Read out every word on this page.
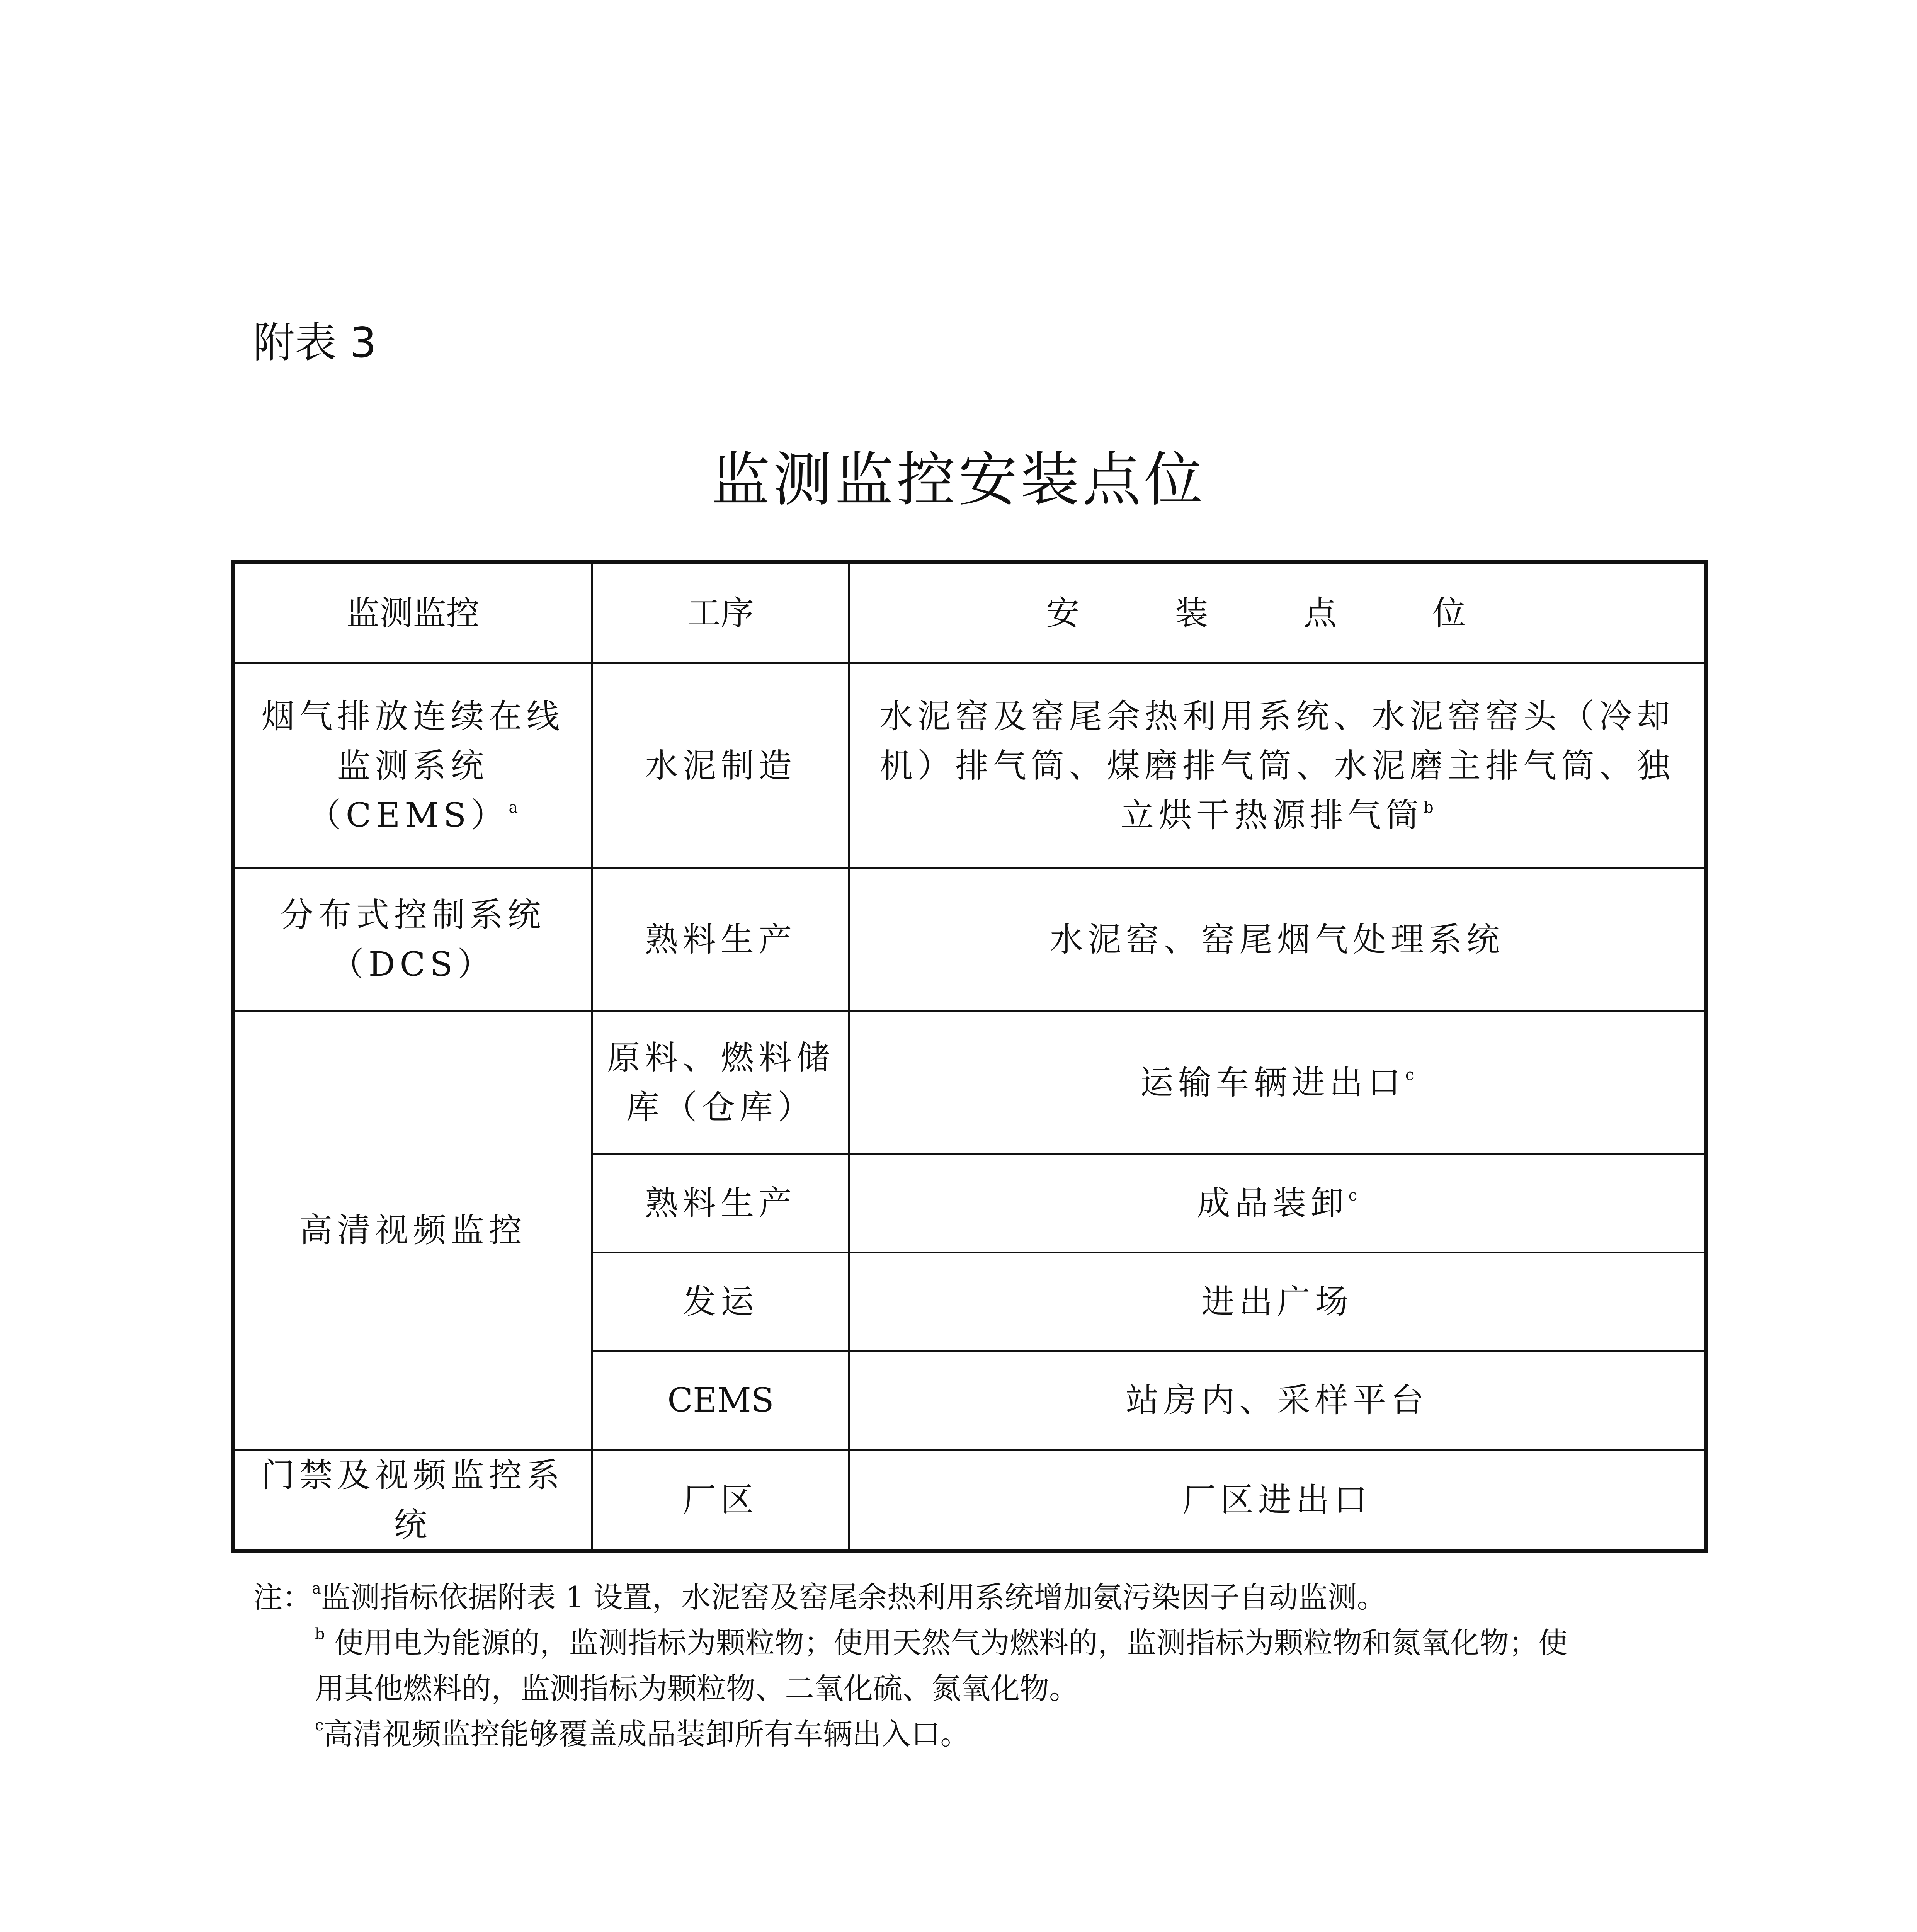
附表 3
监测监控安装点位
监测监控	工序	安 装 点 位
烟气排放连续在线监测系统（CEMS）$^a$	水泥制造	水泥窑及窑尾余热利用系统、水泥窑窑头（冷却机）排气筒、煤磨排气筒、水泥磨主排气筒、独立烘干热源排气筒$^b$
分布式控制系统（DCS）	熟料生产	水泥窑、窑尾烟气处理系统
高清视频监控	原料、燃料储库（仓库）	运输车辆进出口$^c$
	熟料生产	成品装卸$^c$
	发运	进出广场
	CEMS	站房内、采样平台
门禁及视频监控系统	厂区	厂区进出口
注：$^a$监测指标依据附表 1 设置，水泥窑及窑尾余热利用系统增加氨污染因子自动监测。
$^b$ 使用电为能源的，监测指标为颗粒物；使用天然气为燃料的，监测指标为颗粒物和氮氧化物；使
用其他燃料的，监测指标为颗粒物、二氧化硫、氮氧化物。
$^c$高清视频监控能够覆盖成品装卸所有车辆出入口。
